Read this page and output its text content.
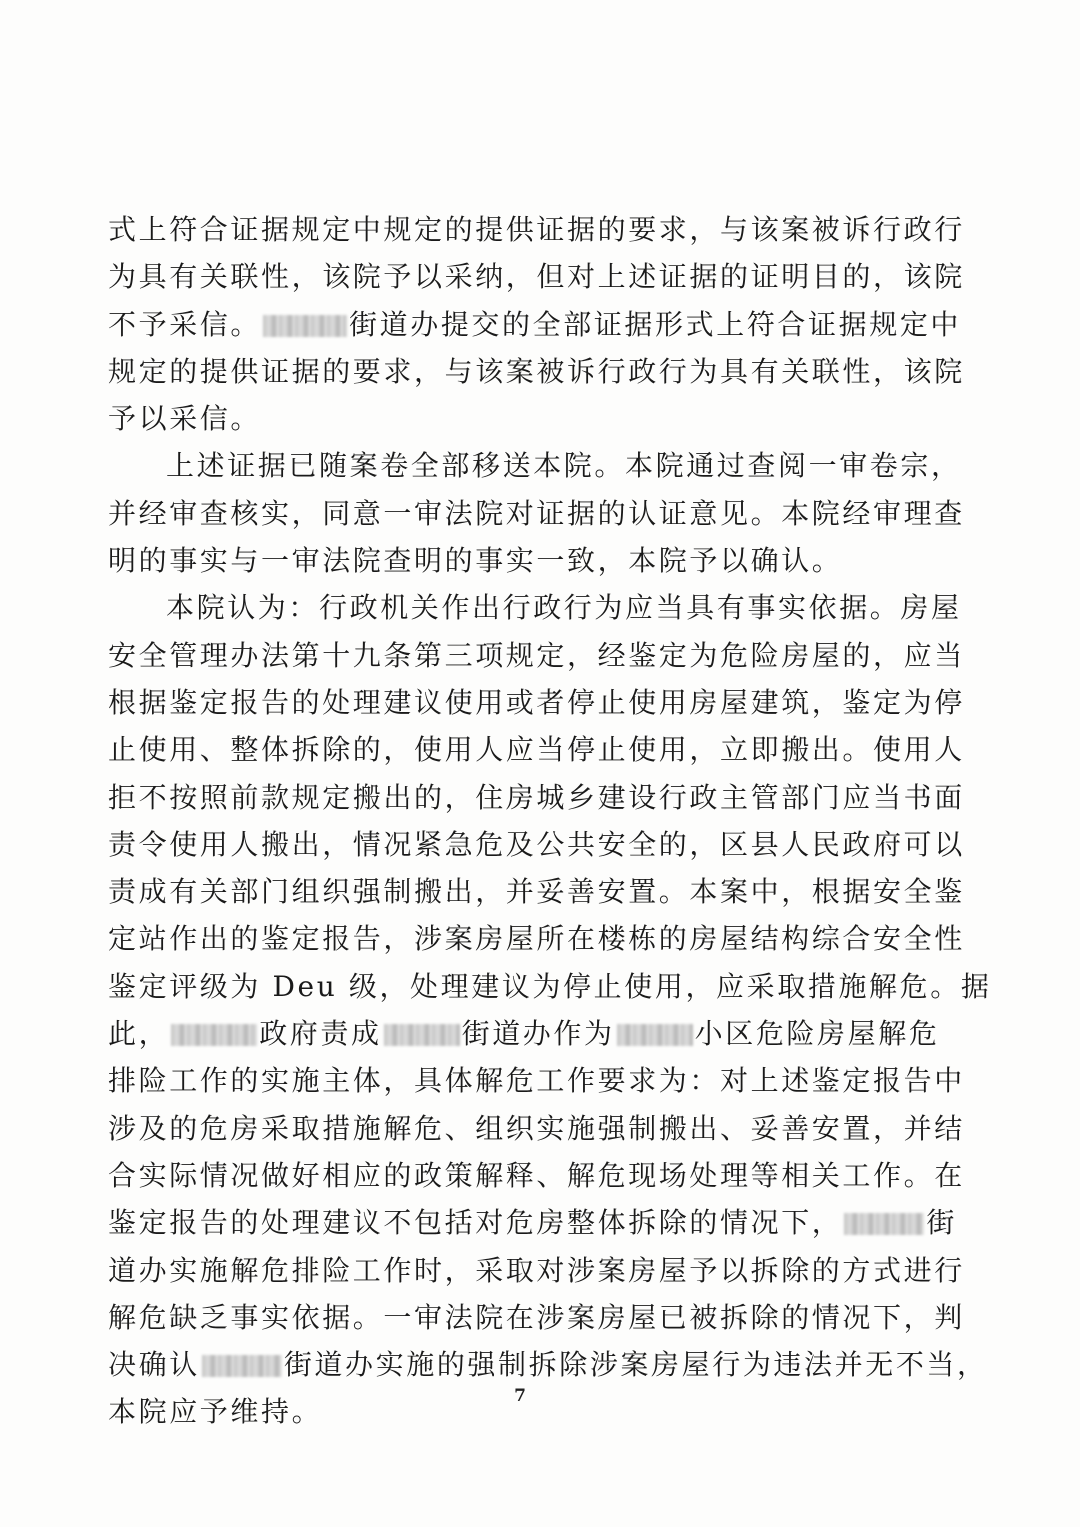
式上符合证据规定中规定的提供证据的要求，与该案被诉行政行
为具有关联性，该院予以采纳，但对上述证据的证明目的，该院
不予采信。	街道办提交的全部证据形式上符合证据规定中
规定的提供证据的要求，与该案被诉行政行为具有关联性，该院
予以采信。
上述证据已随案卷全部移送本院。本院通过查阅一审卷宗，
并经审查核实，同意一审法院对证据的认证意见。本院经审理查
明的事实与一审法院查明的事实一致，本院予以确认。
本院认为：行政机关作出行政行为应当具有事实依据。房屋
安全管理办法第十九条第三项规定，经鉴定为危险房屋的，应当
根据鉴定报告的处理建议使用或者停止使用房屋建筑，鉴定为停
止使用、整体拆除的，使用人应当停止使用，立即搬出。使用人
拒不按照前款规定搬出的，住房城乡建设行政主管部门应当书面
责令使用人搬出，情况紧急危及公共安全的，区县人民政府可以
责成有关部门组织强制搬出，并妥善安置。本案中，根据安全鉴
定站作出的鉴定报告，涉案房屋所在楼栋的房屋结构综合安全性
鉴定评级为 Deu 级，处理建议为停止使用，应采取措施解危。据
此，	政府责成	街道办作为	小区危险房屋解危
排险工作的实施主体，具体解危工作要求为：对上述鉴定报告中
涉及的危房采取措施解危、组织实施强制搬出、妥善安置，并结
合实际情况做好相应的政策解释、解危现场处理等相关工作。在
鉴定报告的处理建议不包括对危房整体拆除的情况下，	街
道办实施解危排险工作时，采取对涉案房屋予以拆除的方式进行
解危缺乏事实依据。一审法院在涉案房屋已被拆除的情况下，判
决确认	街道办实施的强制拆除涉案房屋行为违法并无不当，
本院应予维持。	7
